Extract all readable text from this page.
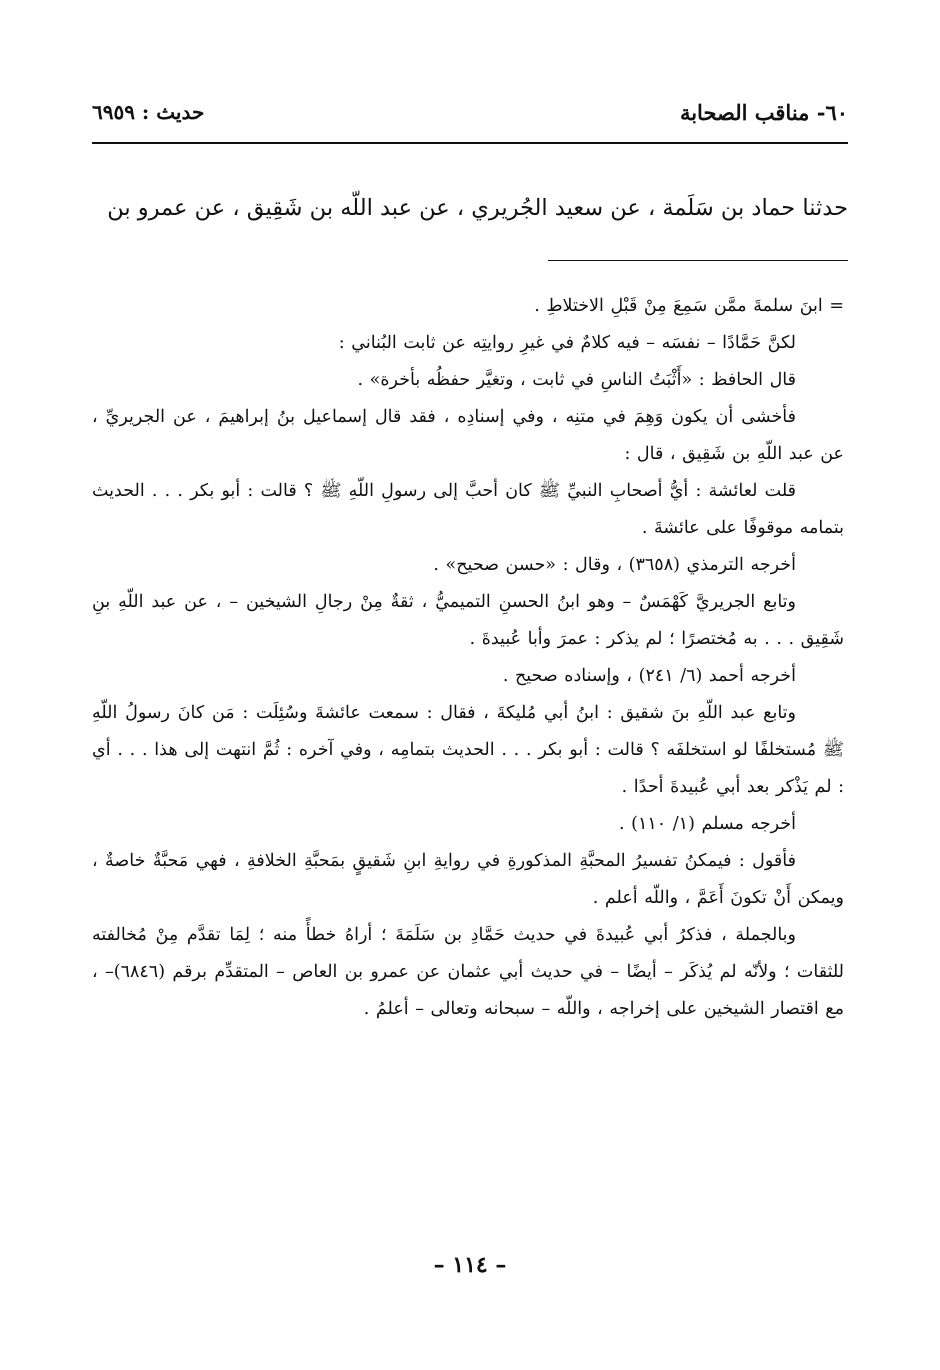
٦٠- مناقب الصحابة
حديث : ٦٩٥٩
حدثنا حماد بن سَلَمة ، عن سعيد الجُريري ، عن عبد اللّه بن شَقِيق ، عن عمرو بن

= ابنَ سلمةَ ممَّن سَمِعَ مِنْ قَبْلِ الاختلاطِ .

لكنَّ حَمَّادًا – نفسَه – فيه كلامٌ في غيرِ روايتِه عن ثابت البُناني :

قال الحافظ : «أَثْبَتُ الناسِ في ثابت ، وتغيَّر حفظُه بأخرة» .

فأخشى أن يكون وَهِمَ في متنِه ، وفي إسنادِه ، فقد قال إسماعيل بنُ إبراهيمَ ، عن الجريريِّ ، عن عبد اللّهِ بن شَقِيق ، قال :

قلت لعائشة : أيُّ أصحابِ النبيِّ ﷺ كان أحبَّ إلى رسولِ اللّهِ ﷺ ؟ قالت : أبو بكر . . . الحديث بتمامه موقوفًا على عائشةَ .

أخرجه الترمذي (٣٦٥٨) ، وقال : «حسن صحيح» .

وتابع الجريريَّ كَهْمَسٌ – وهو ابنُ الحسنِ التميميُّ ، ثقةٌ مِنْ رجالِ الشيخين – ، عن عبد اللّهِ بنِ شَقِيق . . . به مُختصرًا ؛ لم يذكر : عمرَ وأبا عُبيدةَ .

أخرجه أحمد (٦/ ٢٤١) ، وإسناده صحيح .

وتابع عبد اللّهِ بنَ شقيق : ابنُ أبي مُليكةَ ، فقال : سمعت عائشةَ وسُئِلَت : مَن كانَ رسولُ اللّهِ ﷺ مُستخلفًا لو استخلفَه ؟ قالت : أبو بكر . . . الحديث بتمامِه ، وفي آخره : ثُمَّ انتهت إلى هذا . . . أي : لم يَذْكر بعد أبي عُبيدةَ أحدًا .

أخرجه مسلم (١/ ١١٠) .

فأقول : فيمكنُ تفسيرُ المحبَّةِ المذكورةِ في روايةِ ابنِ شَقيقٍ بمَحبَّةِ الخلافةِ ، فهي مَحبَّةٌ خاصةٌ ، ويمكن أَنْ تكونَ أَعَمَّ ، واللّه أعلم .

وبالجملة ، فذكرُ أبي عُبيدةَ في حديث حَمَّادِ بن سَلَمَةَ ؛ أراهُ خطأً منه ؛ لِمَا تقدَّم مِنْ مُخالفته للثقات ؛ ولأنّه لم يُذكَر – أيضًا – في حديث أبي عثمان عن عمرو بن العاص – المتقدِّم برقم (٦٨٤٦)– ، مع اقتصار الشيخين على إخراجه ، واللّه – سبحانه وتعالى – أعلمُ .

– ١١٤ –
